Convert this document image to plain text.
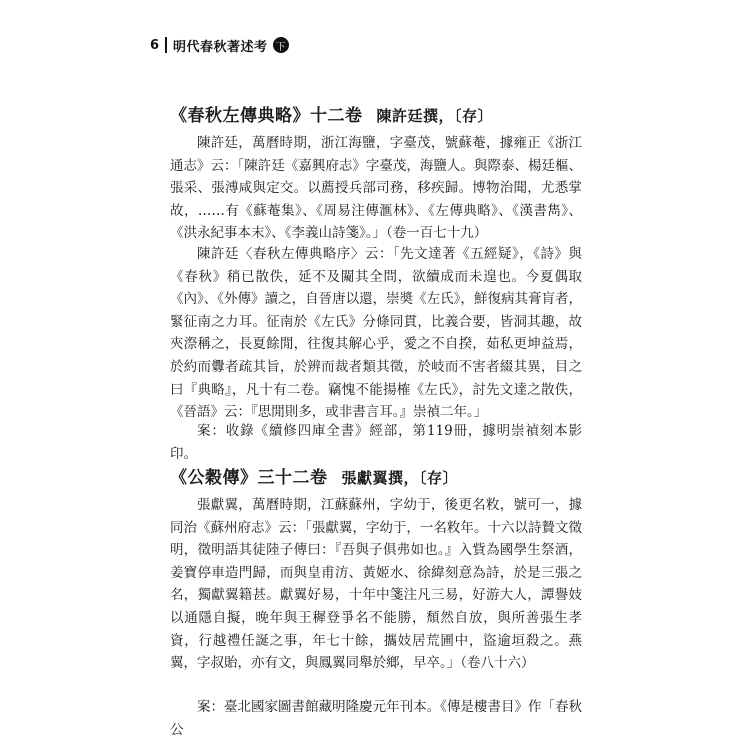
6 明代春秋著述考 下
《春秋左傳典略》十二卷 陳許廷撰，〔存〕

陳許廷，萬曆時期，浙江海鹽，字臺茂，號蘇菴，據雍正《浙江通志》云：「陳許廷《嘉興府志》字臺茂，海鹽人。與際泰、楊廷樞、張采、張溥咸與定交。以薦授兵部司務，移疾歸。博物治聞，尤悉掌故，……有《蘇菴集》、《周易注傳滙林》、《左傳典略》、《漢書雋》、《洪永紀事本末》、《李義山詩箋》。」（卷一百七十九）

陳許廷〈春秋左傳典略序〉云：「先文達著《五經疑》，《詩》與《春秋》稍已散佚，延不及闚其全問，欲續成而未遑也。今夏偶取《內》、《外傳》讀之，自晉唐以還，崇奬《左氏》，鮮復病其膏肓者，緊征南之力耳。征南於《左氏》分條同貫，比義合要，皆洞其趣，故夾漈稱之，長夏餘閒，往復其解心乎，愛之不自揆，茹私更坤益焉，於約而釁者疏其旨，於辨而裁者類其徵，於岐而不害者綴其異，目之曰『典略』，凡十有二卷。竊愧不能揚榷《左氏》，討先文達之散佚，《晉語》云：『思閒則多，或非書言耳。』崇禎二年。」

案：收錄《續修四庫全書》經部，第119冊，據明崇禎刻本影印。

《公穀傳》三十二卷 張獻翼撰，〔存〕

張獻翼，萬曆時期，江蘇蘇州，字幼于，後更名敉，號可一，據同治《蘇州府志》云：「張獻翼，字幼于，一名敉年。十六以詩贄文徵明，徵明語其徒陸子傳曰：『吾與子俱弗如也。』入貲為國學生祭酒，姜寶停車造門歸，而與皇甫汸、黃姬水、徐緯刻意為詩，於是三張之名，獨獻翼籍甚。獻翼好易，十年中箋注凡三易，好游大人，譚譽妓以通隱自擬，晚年與王穉登爭名不能勝，頹然自放，與所善張生孝資，行越禮任誕之事，年七十餘，攜妓居荒圃中，盜逾垣殺之。燕翼，字叔貽，亦有文，與鳳翼同舉於鄉，早卒。」（卷八十六）

案：臺北國家圖書館藏明隆慶元年刊本。《傳是樓書目》作「春秋公
